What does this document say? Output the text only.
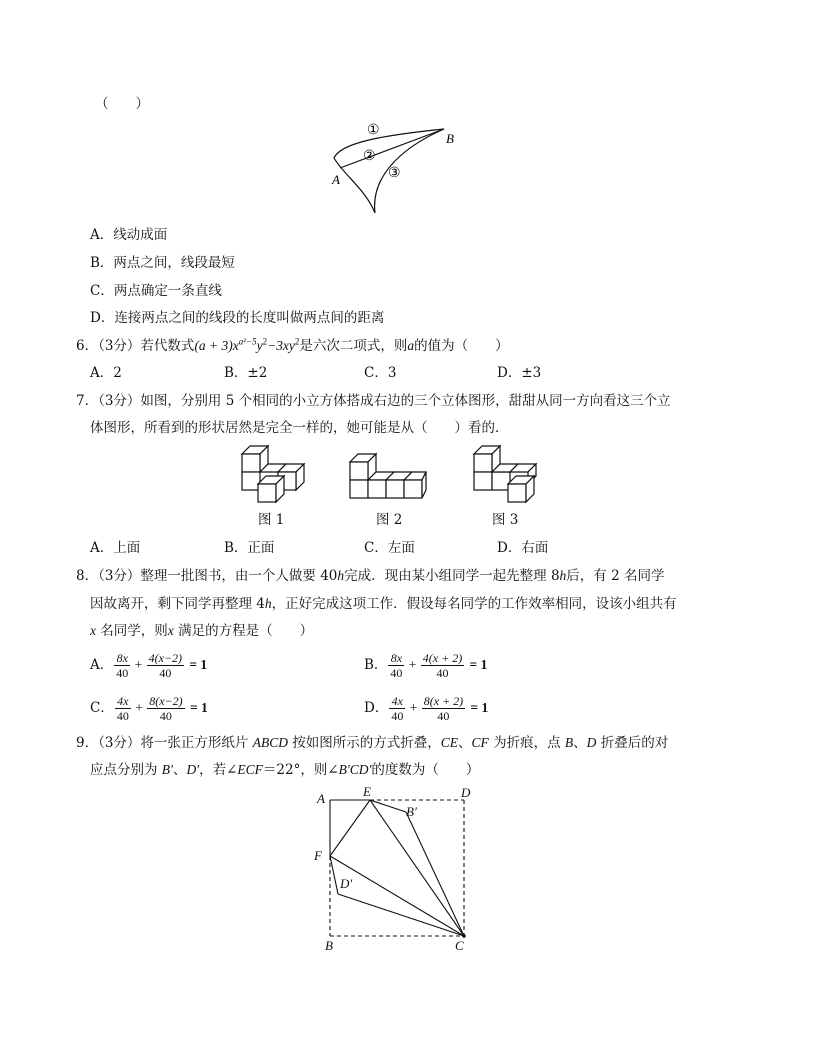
（　　）
①
②
③
A
B
A．线动成面
B．两点之间，线段最短
C．两点确定一条直线
D．连接两点之间的线段的长度叫做两点间的距离
6．（3分）若代数式$(a + 3)x^{a^2-5}y^2-3xy^2$是六次二项式，则a的值为（　　）
A．2	B．±2	C．3	D．±3
7．（3分）如图，分别用 5 个相同的小立方体搭成右边的三个立体图形，甜甜从同一方向看这三个立
体图形，所看到的形状居然是完全一样的，她可能是从（　　）看的．
图 1	图 2	图 3
A．上面	B．正面	C．左面	D．右面
8．（3分）整理一批图书，由一个人做要 40h完成．现由某小组同学一起先整理 8h后，有 2 名同学
因故离开，剩下同学再整理 4h，正好完成这项工作．假设每名同学的工作效率相同，设该小组共有
x 名同学，则x 满足的方程是（　　）
A． $\frac{8x}{40} + \frac{4(x-2)}{40} = 1$	B． $\frac{8x}{40} + \frac{4(x + 2)}{40} = 1$
C． $\frac{4x}{40} + \frac{8(x-2)}{40} = 1$	D． $\frac{4x}{40} + \frac{8(x + 2)}{40} = 1$
9．（3分）将一张正方形纸片 ABCD 按如图所示的方式折叠，CE、CF 为折痕，点 B、D 折叠后的对
应点分别为 B'、D'，若∠ECF＝22°，则∠B'CD'的度数为（　　）
A	E	D
B′
F
D′
B	C
